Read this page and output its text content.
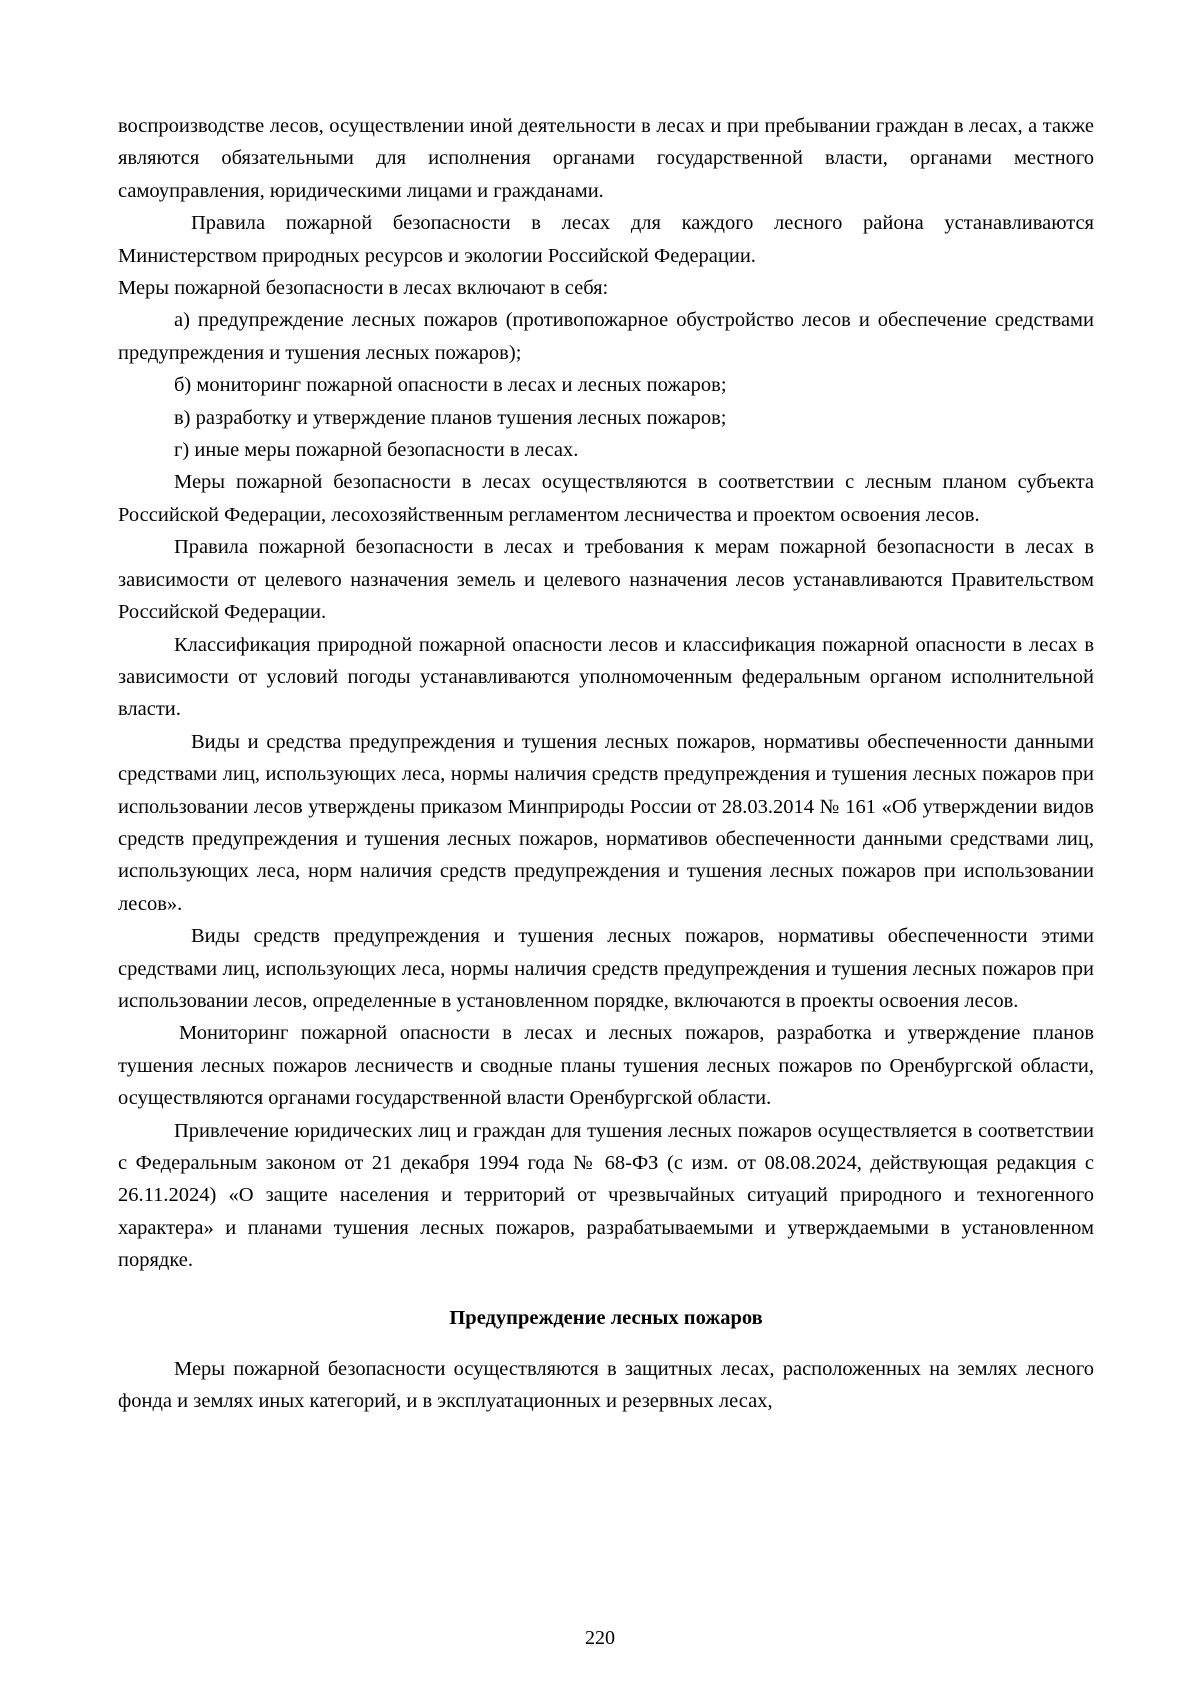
воспроизводстве лесов, осуществлении иной деятельности в лесах и при пребывании граждан в лесах, а также являются обязательными для исполнения органами государственной власти, органами местного самоуправления, юридическими лицами и гражданами.

Правила пожарной безопасности в лесах для каждого лесного района устанавливаются Министерством природных ресурсов и экологии Российской Федерации.

Меры пожарной безопасности в лесах включают в себя:

а) предупреждение лесных пожаров (противопожарное обустройство лесов и обеспечение средствами предупреждения и тушения лесных пожаров);

б) мониторинг пожарной опасности в лесах и лесных пожаров;

в) разработку и утверждение планов тушения лесных пожаров;

г) иные меры пожарной безопасности в лесах.

Меры пожарной безопасности в лесах осуществляются в соответствии с лесным планом субъекта Российской Федерации, лесохозяйственным регламентом лесничества и проектом освоения лесов.

Правила пожарной безопасности в лесах и требования к мерам пожарной безопасности в лесах в зависимости от целевого назначения земель и целевого назначения лесов устанавливаются Правительством Российской Федерации.

Классификация природной пожарной опасности лесов и классификация пожарной опасности в лесах в зависимости от условий погоды устанавливаются уполномоченным федеральным органом исполнительной власти.

Виды и средства предупреждения и тушения лесных пожаров, нормативы обеспеченности данными средствами лиц, использующих леса, нормы наличия средств предупреждения и тушения лесных пожаров при использовании лесов утверждены приказом Минприроды России от 28.03.2014 № 161 «Об утверждении видов средств предупреждения и тушения лесных пожаров, нормативов обеспеченности данными средствами лиц, использующих леса, норм наличия средств предупреждения и тушения лесных пожаров при использовании лесов».

Виды средств предупреждения и тушения лесных пожаров, нормативы обеспеченности этими средствами лиц, использующих леса, нормы наличия средств предупреждения и тушения лесных пожаров при использовании лесов, определенные в установленном порядке, включаются в проекты освоения лесов.

Мониторинг пожарной опасности в лесах и лесных пожаров, разработка и утверждение планов тушения лесных пожаров лесничеств и сводные планы тушения лесных пожаров по Оренбургской области, осуществляются органами государственной власти Оренбургской области.

Привлечение юридических лиц и граждан для тушения лесных пожаров осуществляется в соответствии с Федеральным законом от 21 декабря 1994 года № 68-ФЗ (с изм. от 08.08.2024, действующая редакция с 26.11.2024) «О защите населения и территорий от чрезвычайных ситуаций природного и техногенного характера» и планами тушения лесных пожаров, разрабатываемыми и утверждаемыми в установленном порядке.

Предупреждение лесных пожаров

Меры пожарной безопасности осуществляются в защитных лесах, расположенных на землях лесного фонда и землях иных категорий, и в эксплуатационных и резервных лесах,

220
